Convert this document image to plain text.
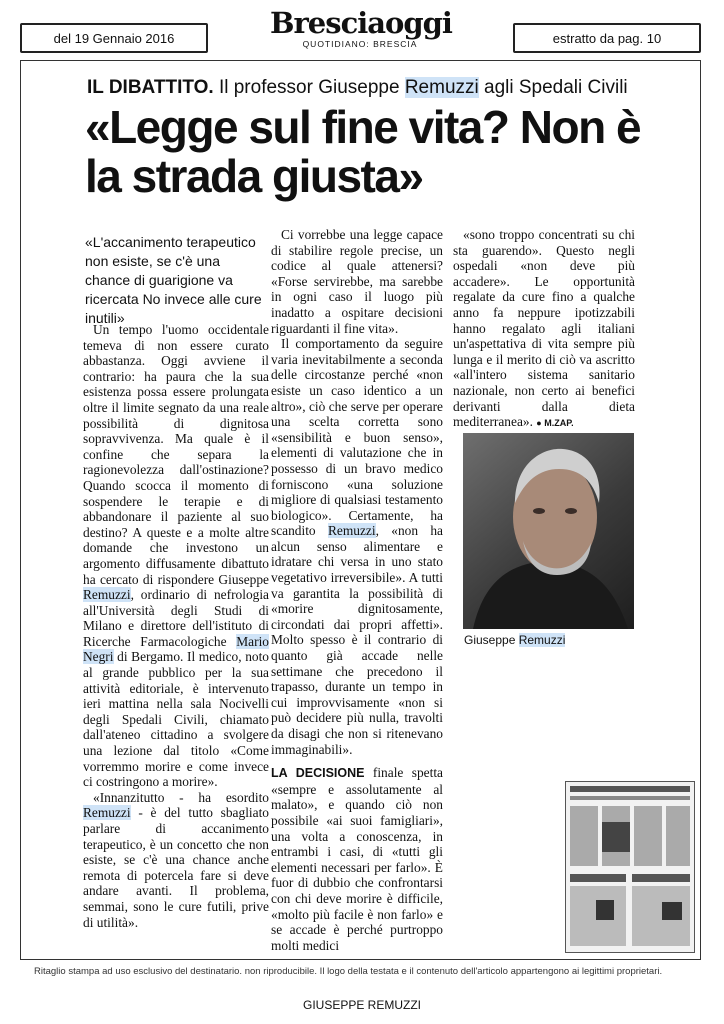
del 19 Gennaio 2016	Bresciaoggi
QUOTIDIANO: BRESCIA	estratto da pag. 10
IL DIBATTITO. Il professor Giuseppe Remuzzi agli Spedali Civili
«Legge sul fine vita? Non è la strada giusta»
«L'accanimento terapeutico non esiste, se c'è una chance di guarigione va ricercata No invece alle cure inutili»

Un tempo l'uomo occidentale temeva di non essere curato abbastanza. Oggi avviene il contrario: ha paura che la sua esistenza possa essere prolungata oltre il limite segnato da una reale possibilità di dignitosa sopravvivenza. Ma quale è il confine che separa la ragionevolezza dall'ostinazione? Quando scocca il momento di sospendere le terapie e di abbandonare il paziente al suo destino? A queste e a molte altre domande che investono un argomento diffusamente dibattuto ha cercato di rispondere Giuseppe Remuzzi, ordinario di nefrologia all'Università degli Studi di Milano e direttore dell'istituto di Ricerche Farmacologiche Mario Negri di Bergamo. Il medico, noto al grande pubblico per la sua attività editoriale, è intervenuto ieri mattina nella sala Nocivelli degli Spedali Civili, chiamato dall'ateneo cittadino a svolgere una lezione dal titolo «Come vorremmo morire e come invece ci costringono a morire».

«Innanzitutto - ha esordito Remuzzi - è del tutto sbagliato parlare di accanimento terapeutico, è un concetto che non esiste, se c'è una chance anche remota di potercela fare si deve andare avanti. Il problema, semmai, sono le cure futili, prive di utilità».

Ci vorrebbe una legge capace di stabilire regole precise, un codice al quale attenersi? «Forse servirebbe, ma sarebbe in ogni caso il luogo più inadatto a ospitare decisioni riguardanti il fine vita».

Il comportamento da seguire varia inevitabilmente a seconda delle circostanze perché «non esiste un caso identico a un altro», ciò che serve per operare una scelta corretta sono «sensibilità e buon senso», elementi di valutazione che in possesso di un bravo medico forniscono «una soluzione migliore di qualsiasi testamento biologico». Certamente, ha scandito Remuzzi, «non ha alcun senso alimentare e idratare chi versa in uno stato vegetativo irreversibile». A tutti va garantita la possibilità di «morire dignitosamente, circondati dai propri affetti». Molto spesso è il contrario di quanto già accade nelle settimane che precedono il trapasso, durante un tempo in cui improvvisamente «non si può decidere più nulla, travolti da disagi che non si ritenevano immaginabili».

LA DECISIONE finale spetta «sempre e assolutamente al malato», e quando ciò non possibile «ai suoi famigliari», una volta a conoscenza, in entrambi i casi, di «tutti gli elementi necessari per farlo». È fuor di dubbio che confrontarsi con chi deve morire è difficile, «molto più facile è non farlo» e se accade è perché purtroppo molti medici

«sono troppo concentrati su chi sta guarendo». Questo negli ospedali «non deve più accadere». Le opportunità regalate da cure fino a qualche anno fa neppure ipotizzabili hanno regalato agli italiani un'aspettativa di vita sempre più lunga e il merito di ciò va ascritto «all'intero sistema sanitario nazionale, non certo ai benefici derivanti dalla dieta mediterranea». ● M.ZAP.

Giuseppe Remuzzi
Ritaglio stampa ad uso esclusivo del destinatario. non riproducibile. Il logo della testata e il contenuto dell'articolo appartengono ai legittimi proprietari.
GIUSEPPE REMUZZI
